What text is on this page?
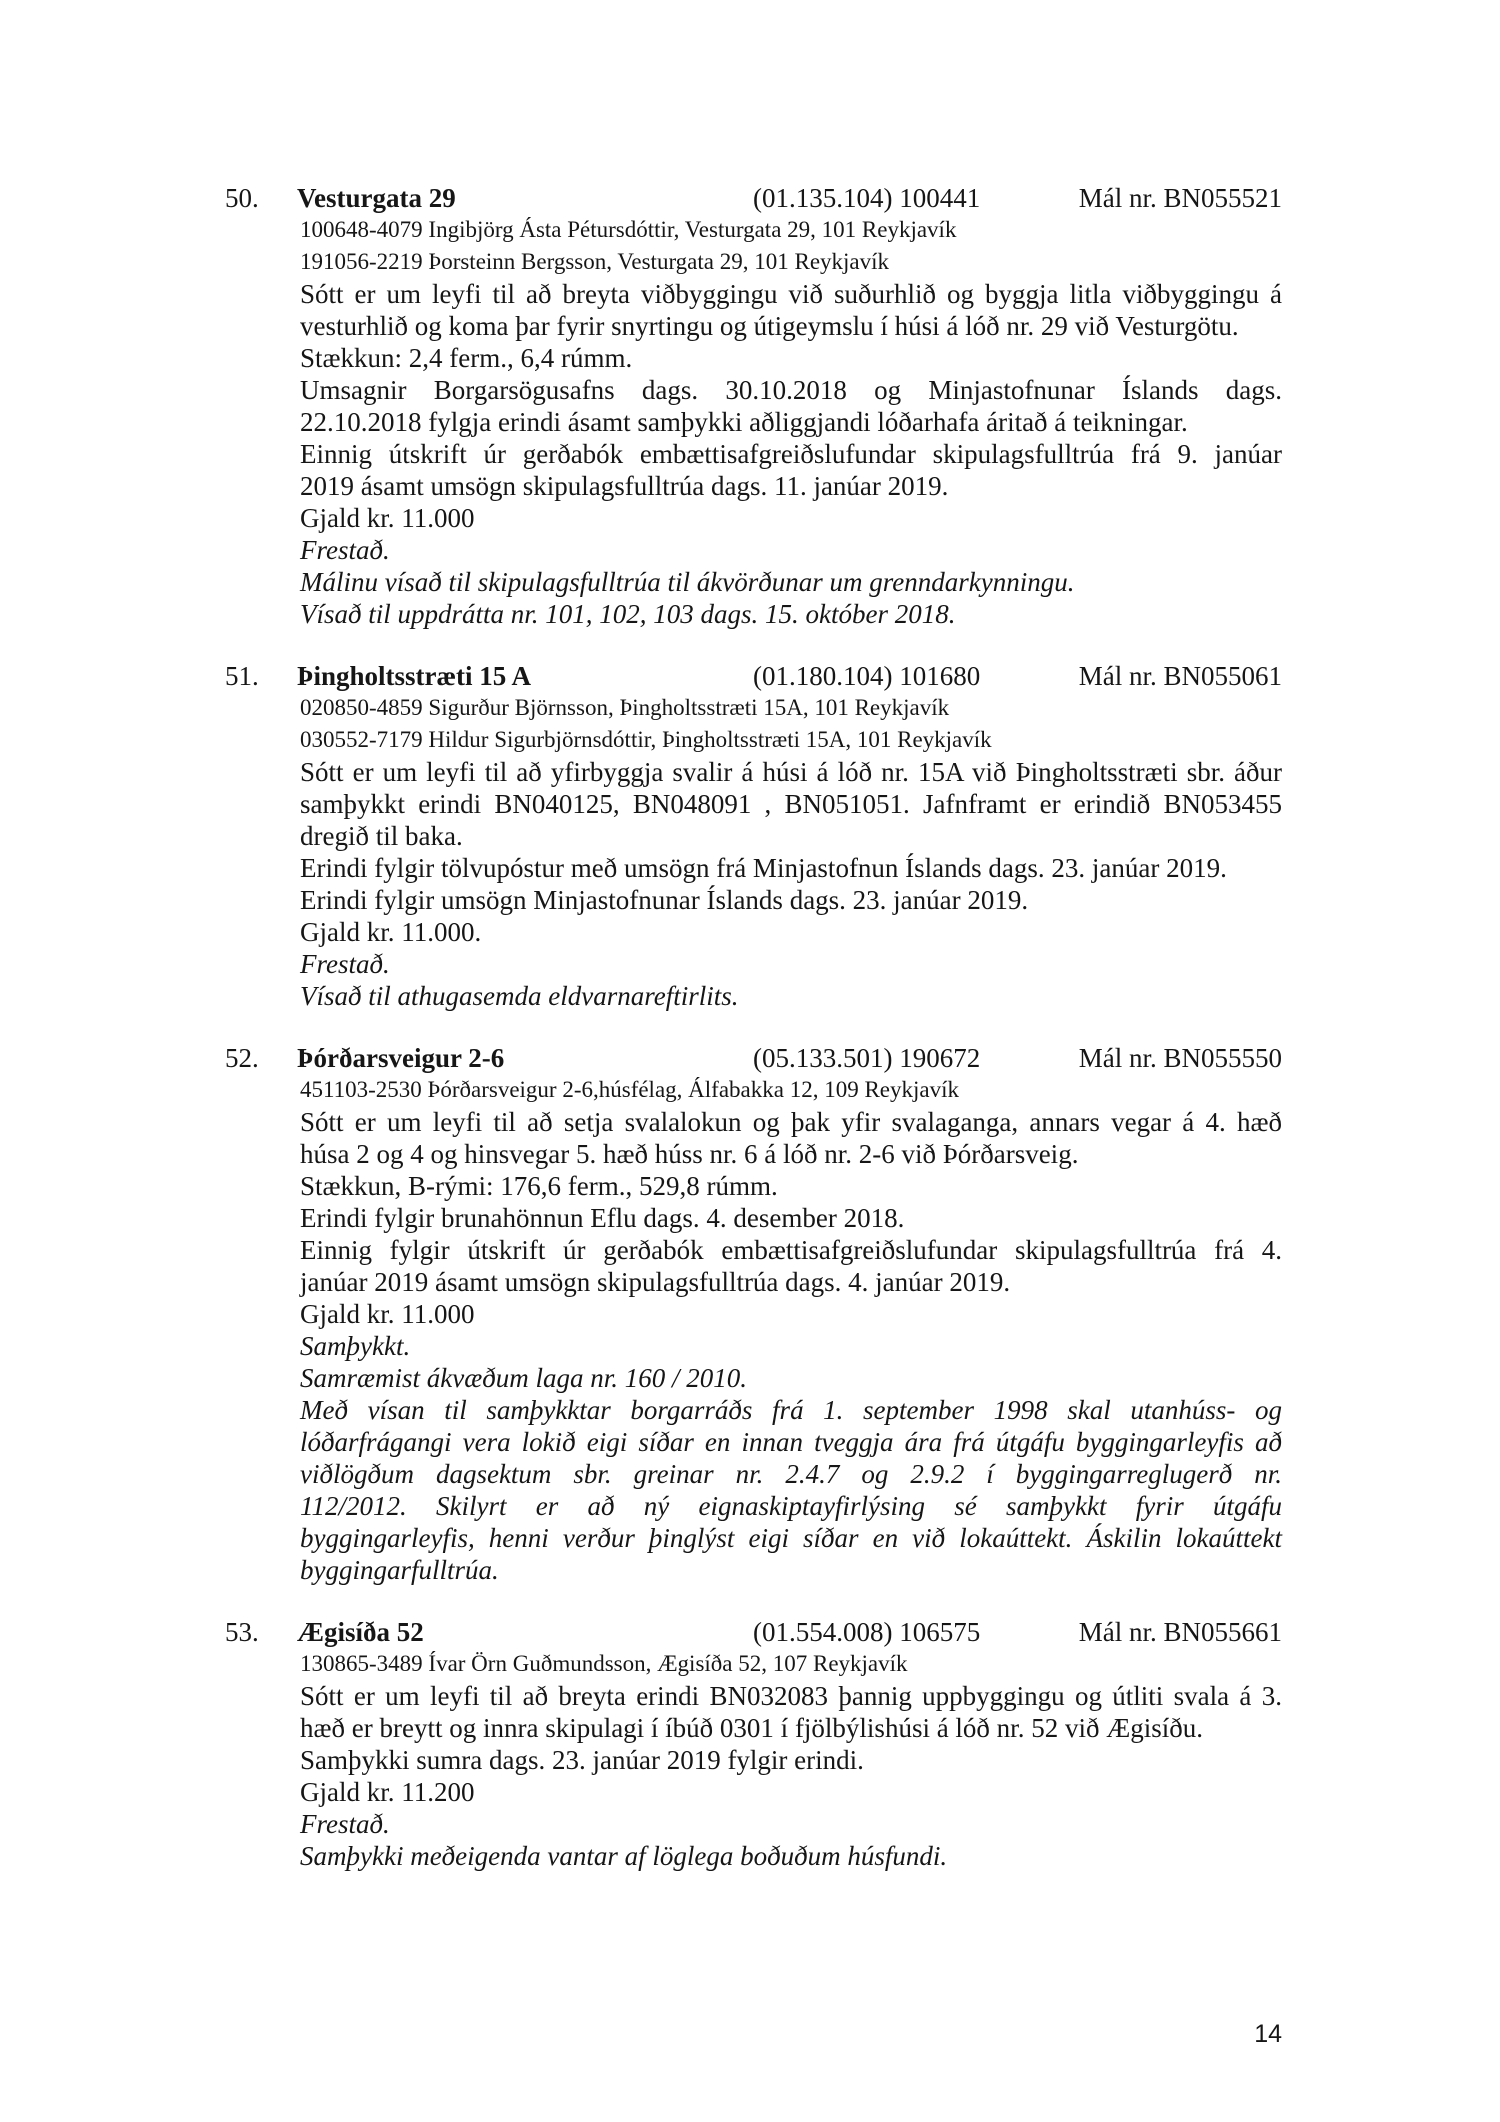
50. Vesturgata 29	(01.135.104) 100441	Mál nr. BN055521
100648-4079 Ingibjörg Ásta Pétursdóttir, Vesturgata 29, 101 Reykjavík
191056-2219 Þorsteinn Bergsson, Vesturgata 29, 101 Reykjavík
Sótt er um leyfi til að breyta viðbyggingu við suðurhlið og byggja litla viðbyggingu á
vesturhlið og koma þar fyrir snyrtingu og útigeymslu í húsi á lóð nr. 29 við Vesturgötu.
Stækkun: 2,4 ferm., 6,4 rúmm.
Umsagnir Borgarsögusafns dags. 30.10.2018 og Minjastofnunar Íslands dags.
22.10.2018 fylgja erindi ásamt samþykki aðliggjandi lóðarhafa áritað á teikningar.
Einnig útskrift úr gerðabók embættisafgreiðslufundar skipulagsfulltrúa frá 9. janúar
2019 ásamt umsögn skipulagsfulltrúa dags. 11. janúar 2019.
Gjald kr. 11.000
Frestað.
Málinu vísað til skipulagsfulltrúa til ákvörðunar um grenndarkynningu.
Vísað til uppdrátta nr. 101, 102, 103 dags. 15. október 2018.
51. Þingholtsstræti 15 A	(01.180.104) 101680	Mál nr. BN055061
020850-4859 Sigurður Björnsson, Þingholtsstræti 15A, 101 Reykjavík
030552-7179 Hildur Sigurbjörnsdóttir, Þingholtsstræti 15A, 101 Reykjavík
Sótt er um leyfi til að yfirbyggja svalir á húsi á lóð nr. 15A við Þingholtsstræti sbr. áður
samþykkt erindi BN040125, BN048091 , BN051051. Jafnframt er erindið BN053455
dregið til baka.
Erindi fylgir tölvupóstur með umsögn frá Minjastofnun Íslands dags. 23. janúar 2019.
Erindi fylgir umsögn Minjastofnunar Íslands dags. 23. janúar 2019.
Gjald kr. 11.000.
Frestað.
Vísað til athugasemda eldvarnareftirlits.
52. Þórðarsveigur 2-6	(05.133.501) 190672	Mál nr. BN055550
451103-2530 Þórðarsveigur 2-6,húsfélag, Álfabakka 12, 109 Reykjavík
Sótt er um leyfi til að setja svalalokun og þak yfir svalaganga, annars vegar á 4. hæð
húsa 2 og 4 og hinsvegar 5. hæð húss nr. 6 á lóð nr. 2-6 við Þórðarsveig.
Stækkun, B-rými: 176,6 ferm., 529,8 rúmm.
Erindi fylgir brunahönnun Eflu dags. 4. desember 2018.
Einnig fylgir útskrift úr gerðabók embættisafgreiðslufundar skipulagsfulltrúa frá 4.
janúar 2019 ásamt umsögn skipulagsfulltrúa dags. 4. janúar 2019.
Gjald kr. 11.000
Samþykkt.
Samræmist ákvæðum laga nr. 160 / 2010.
Með vísan til samþykktar borgarráðs frá 1. september 1998 skal utanhúss- og
lóðarfrágangi vera lokið eigi síðar en innan tveggja ára frá útgáfu byggingarleyfis að
viðlögðum dagsektum sbr. greinar nr. 2.4.7 og 2.9.2 í byggingarreglugerð nr.
112/2012. Skilyrt er að ný eignaskiptayfirlýsing sé samþykkt fyrir útgáfu
byggingarleyfis, henni verður þinglýst eigi síðar en við lokaúttekt. Áskilin lokaúttekt
byggingarfulltrúa.
53. Ægisíða 52	(01.554.008) 106575	Mál nr. BN055661
130865-3489 Ívar Örn Guðmundsson, Ægisíða 52, 107 Reykjavík
Sótt er um leyfi til að breyta erindi BN032083 þannig uppbyggingu og útliti svala á 3.
hæð er breytt og innra skipulagi í íbúð 0301 í fjölbýlishúsi á lóð nr. 52 við Ægisíðu.
Samþykki sumra dags. 23. janúar 2019 fylgir erindi.
Gjald kr. 11.200
Frestað.
Samþykki meðeigenda vantar af löglega boðuðum húsfundi.
14
